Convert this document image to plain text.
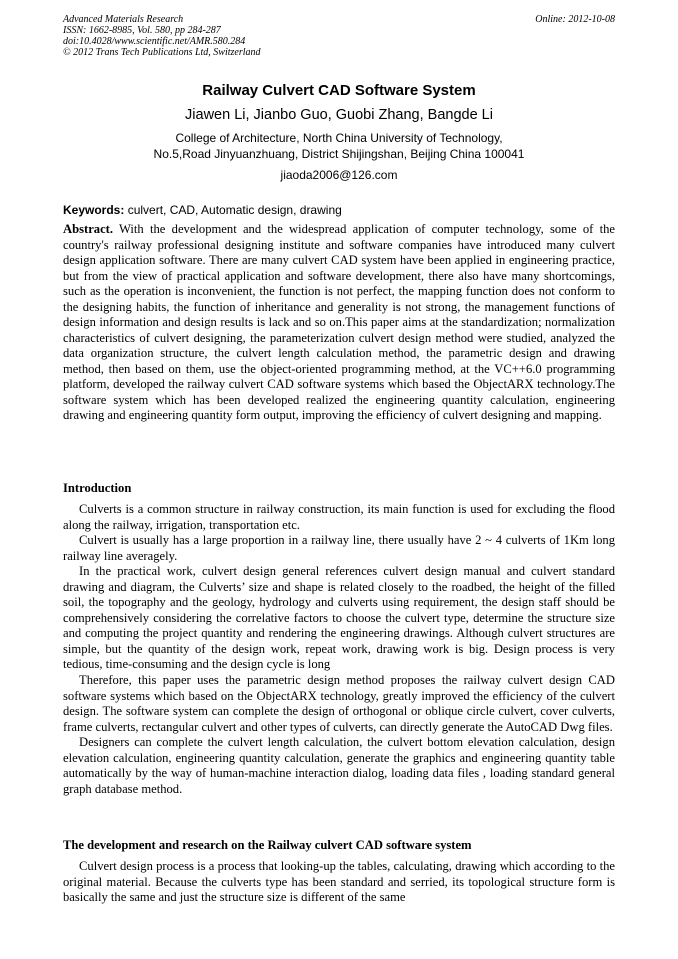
Advanced Materials Research
ISSN: 1662-8985, Vol. 580, pp 284-287
doi:10.4028/www.scientific.net/AMR.580.284
© 2012 Trans Tech Publications Ltd, Switzerland
Online: 2012-10-08
Railway Culvert CAD Software System
Jiawen Li, Jianbo Guo, Guobi Zhang, Bangde Li
College of Architecture, North China University of Technology,
No.5,Road Jinyuanzhuang, District Shijingshan, Beijing China 100041
jiaoda2006@126.com
Keywords: culvert, CAD, Automatic design, drawing

Abstract. With the development and the widespread application of computer technology, some of the country's railway professional designing institute and software companies have introduced many culvert design application software. There are many culvert CAD system have been applied in engineering practice, but from the view of practical application and software development, there also have many shortcomings, such as the operation is inconvenient, the function is not perfect, the mapping function does not conform to the designing habits, the function of inheritance and generality is not strong, the management functions of design information and design results is lack and so on.This paper aims at the standardization; normalization characteristics of culvert designing, the parameterization culvert design method were studied, analyzed the data organization structure, the culvert length calculation method, the parametric design and drawing method, then based on them, use the object-oriented programming method, at the VC++6.0 programming platform, developed the railway culvert CAD software systems which based the ObjectARX technology.The software system which has been developed realized the engineering quantity calculation, engineering drawing and engineering quantity form output, improving the efficiency of culvert designing and mapping.

Introduction

Culverts is a common structure in railway construction, its main function is used for excluding the flood along the railway, irrigation, transportation etc.

Culvert is usually has a large proportion in a railway line, there usually have 2 ~ 4 culverts of 1Km long railway line averagely.

In the practical work, culvert design general references culvert design manual and culvert standard drawing and diagram, the Culverts’ size and shape is related closely to the roadbed, the height of the filled soil, the topography and the geology, hydrology and culverts using requirement, the design staff should be comprehensively considering the correlative factors to choose the culvert type, determine the structure size and computing the project quantity and rendering the engineering drawings. Although culvert structures are simple, but the quantity of the design work, repeat work, drawing work is big. Design process is very tedious, time-consuming and the design cycle is long

Therefore, this paper uses the parametric design method proposes the railway culvert design CAD software systems which based on the ObjectARX technology, greatly improved the efficiency of the culvert design. The software system can complete the design of orthogonal or oblique circle culvert, cover culverts, frame culverts, rectangular culvert and other types of culverts, can directly generate the AutoCAD Dwg files.

Designers can complete the culvert length calculation, the culvert bottom elevation calculation, design elevation calculation, engineering quantity calculation, generate the graphics and engineering quantity table automatically by the way of human-machine interaction dialog, loading data files , loading standard general graph database method.

The development and research on the Railway culvert CAD software system

Culvert design process is a process that looking-up the tables, calculating, drawing which according to the original material. Because the culverts type has been standard and serried, its topological structure form is basically the same and just the structure size is different of the same
